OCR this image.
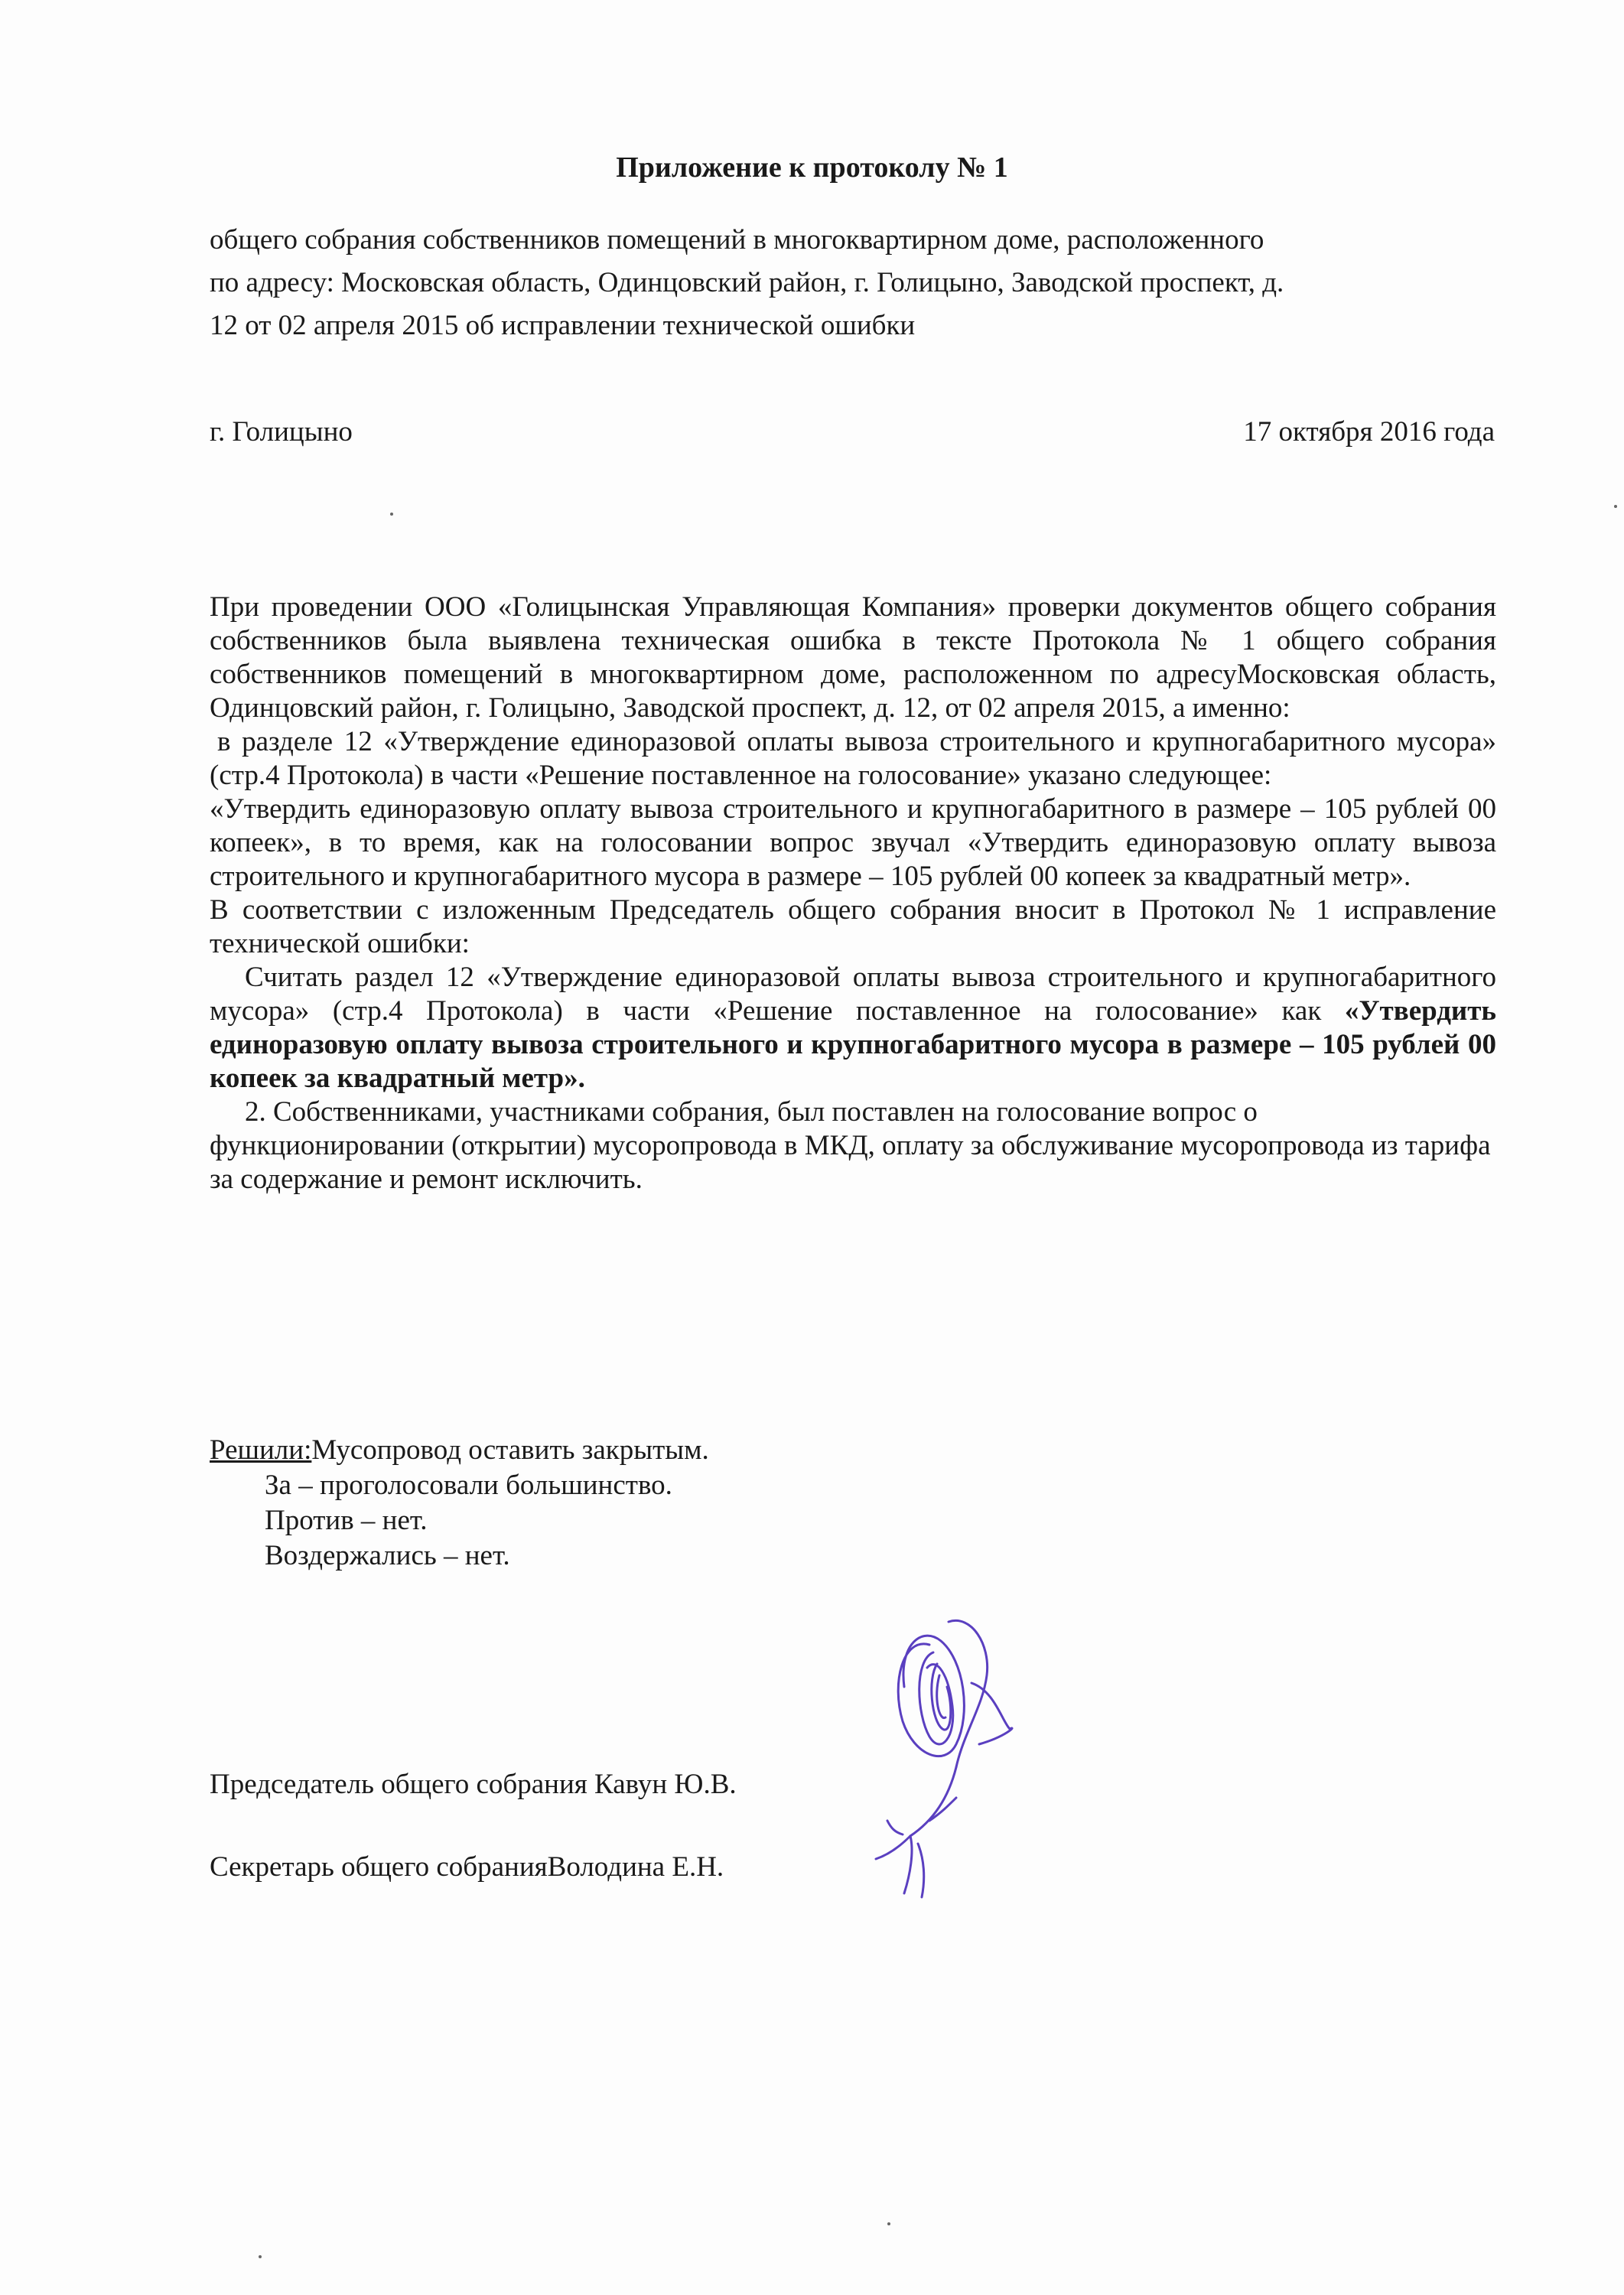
Приложение к протоколу № 1
общего собрания собственников помещений в многоквартирном доме, расположенного
по адресу: Московская область, Одинцовский район, г. Голицыно, Заводской проспект, д.
12 от 02 апреля 2015 об исправлении технической ошибки
г. Голицыно	17 октября 2016 года

При проведении ООО «Голицынская Управляющая Компания» проверки документов общего собрания собственников была выявлена техническая ошибка в тексте Протокола № 1 общего собрания собственников помещений в многоквартирном доме, расположенном по адресуМосковская область, Одинцовский район, г. Голицыно, Заводской проспект, д. 12, от 02 апреля 2015, а именно:

в разделе 12 «Утверждение единоразовой оплаты вывоза строительного и крупногабаритного мусора» (стр.4 Протокола) в части «Решение поставленное на голосование» указано следующее:

«Утвердить единоразовую оплату вывоза строительного и крупногабаритного в размере – 105 рублей 00 копеек», в то время, как на голосовании вопрос звучал «Утвердить единоразовую оплату вывоза строительного и крупногабаритного мусора в размере – 105 рублей 00 копеек за квадратный метр».

В соответствии с изложенным Председатель общего собрания вносит в Протокол № 1 исправление технической ошибки:

Считать раздел 12 «Утверждение единоразовой оплаты вывоза строительного и крупногабаритного мусора» (стр.4 Протокола) в части «Решение поставленное на голосование» как «Утвердить единоразовую оплату вывоза строительного и крупногабаритного мусора в размере – 105 рублей 00 копеек за квадратный метр».

2. Собственниками, участниками собрания, был поставлен на голосование вопрос о функционировании (открытии) мусоропровода в МКД, оплату за обслуживание мусоропровода из тарифа за содержание и ремонт исключить.

Решили:Мусопровод оставить закрытым.

За – проголосовали большинство.

Против – нет.

Воздержались – нет.

Председатель общего собрания Кавун Ю.В.

Секретарь общего собранияВолодина Е.Н.
